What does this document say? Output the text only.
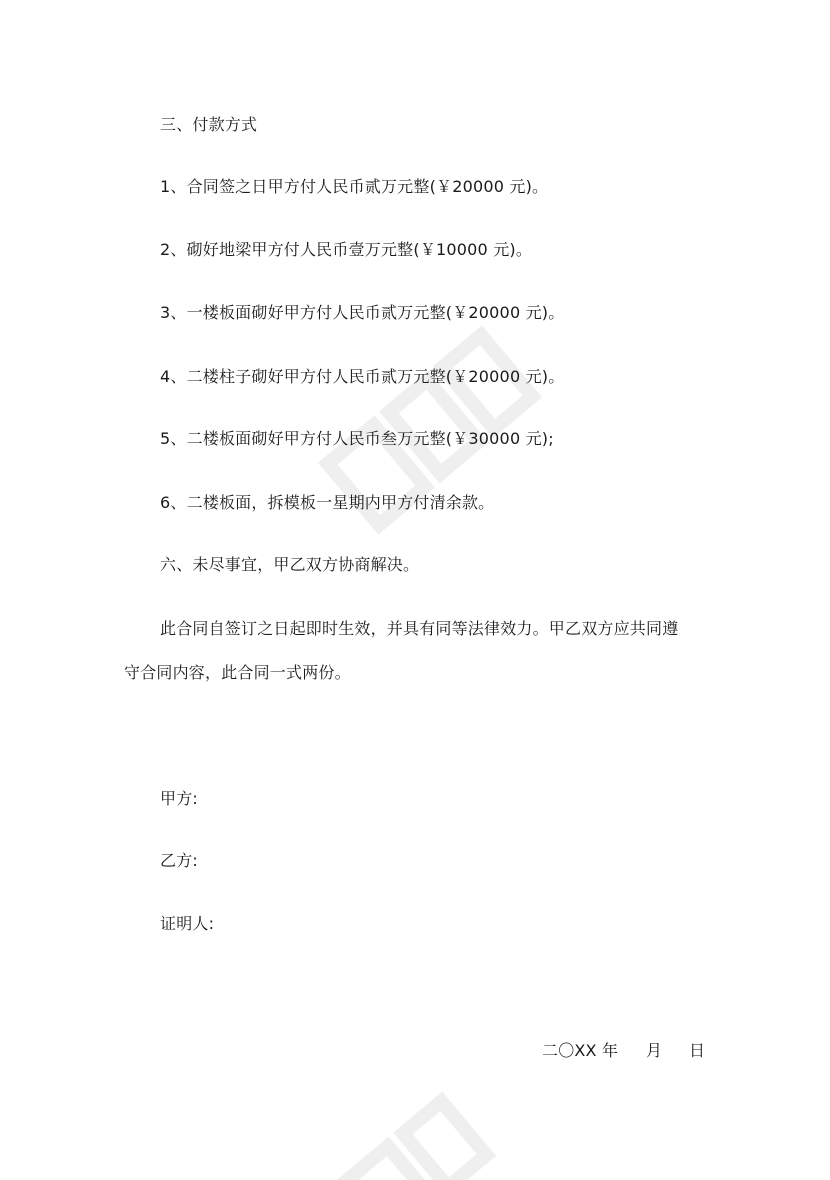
三、付款方式
1、合同签之日甲方付人民币贰万元整(￥20000 元)。
2、砌好地梁甲方付人民币壹万元整(￥10000 元)。
3、一楼板面砌好甲方付人民币贰万元整(￥20000 元)。
4、二楼柱子砌好甲方付人民币贰万元整(￥20000 元)。
5、二楼板面砌好甲方付人民币叁万元整(￥30000 元);
6、二楼板面，拆模板一星期内甲方付清余款。
六、未尽事宜，甲乙双方协商解决。
此合同自签订之日起即时生效，并具有同等法律效力。甲乙双方应共同遵
守合同内容，此合同一式两份。
甲方:
乙方:
证明人:
二〇XX 年 月 日
